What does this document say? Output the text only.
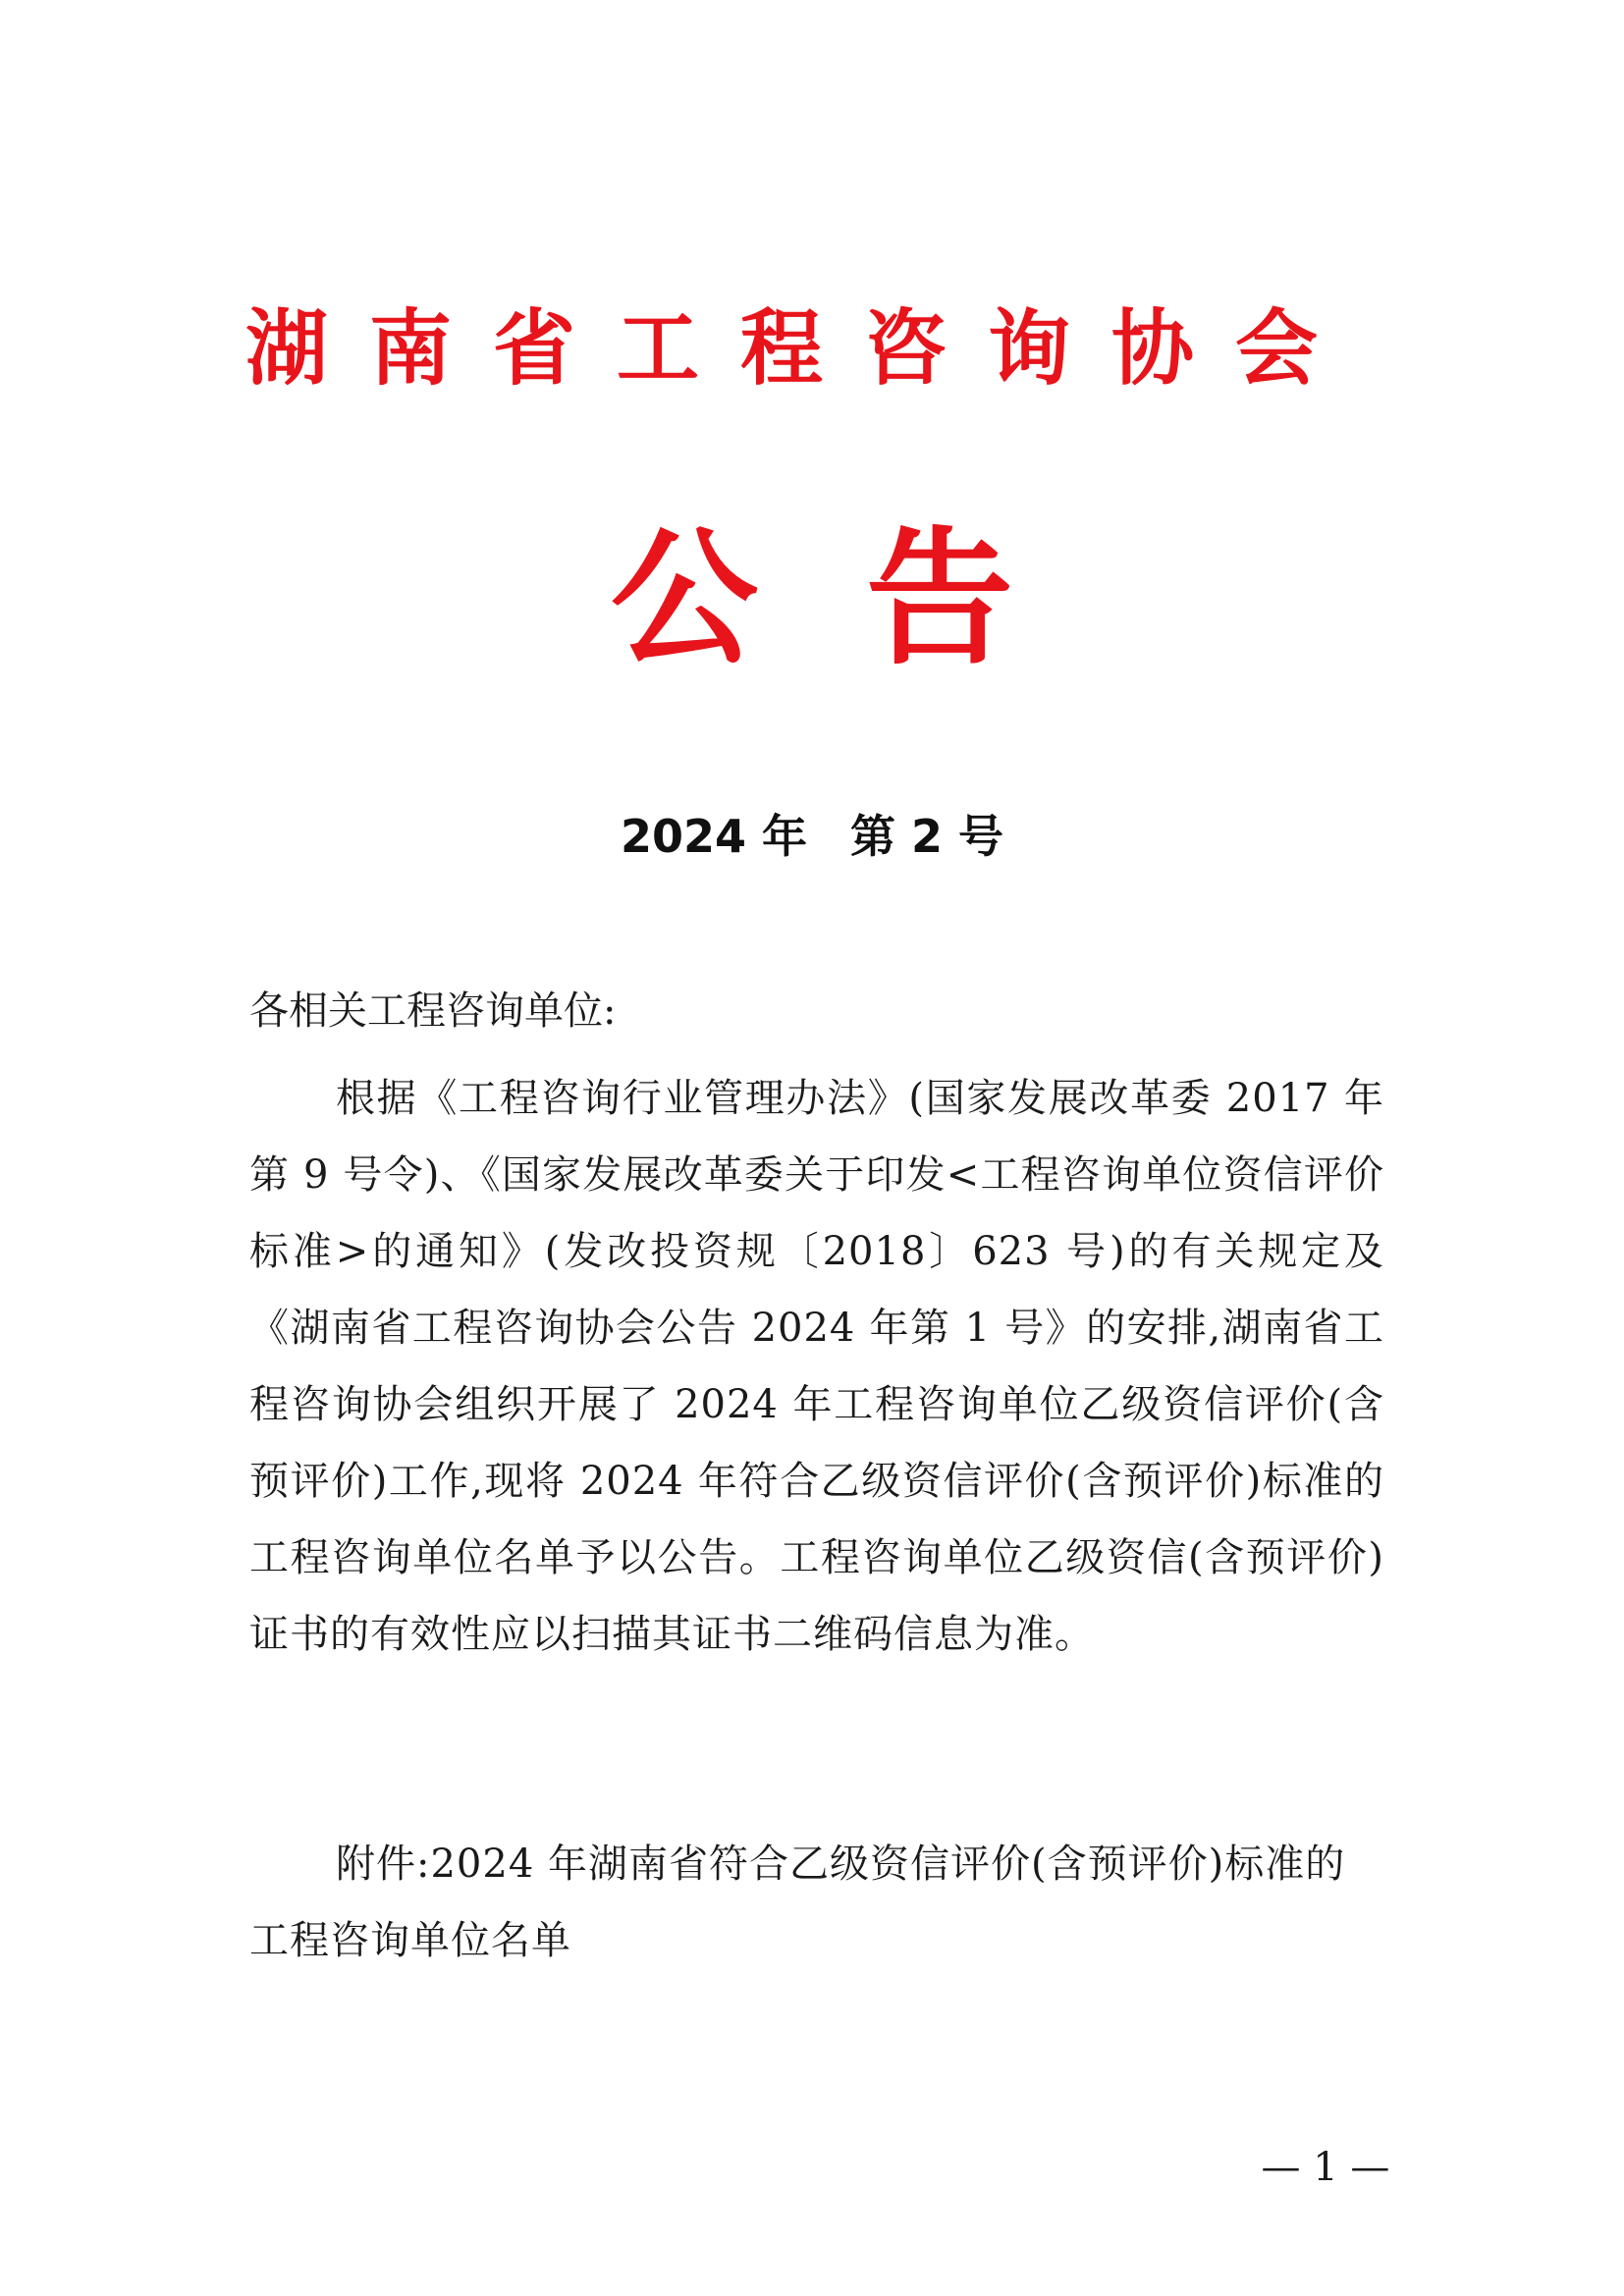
湖南省工程咨询协会
公告
2024 年 第 2 号
各相关工程咨询单位:
根据《工程咨询行业管理办法》(国家发展改革委 2017 年第 9 号令)、《国家发展改革委关于印发<工程咨询单位资信评价标准>的通知》(发改投资规〔2018〕623 号)的有关规定及《湖南省工程咨询协会公告 2024 年第 1 号》的安排,湖南省工程咨询协会组织开展了 2024 年工程咨询单位乙级资信评价(含预评价)工作,现将 2024 年符合乙级资信评价(含预评价)标准的工程咨询单位名单予以公告。工程咨询单位乙级资信(含预评价)证书的有效性应以扫描其证书二维码信息为准。
附件:2024 年湖南省符合乙级资信评价(含预评价)标准的工程咨询单位名单
— 1 —
